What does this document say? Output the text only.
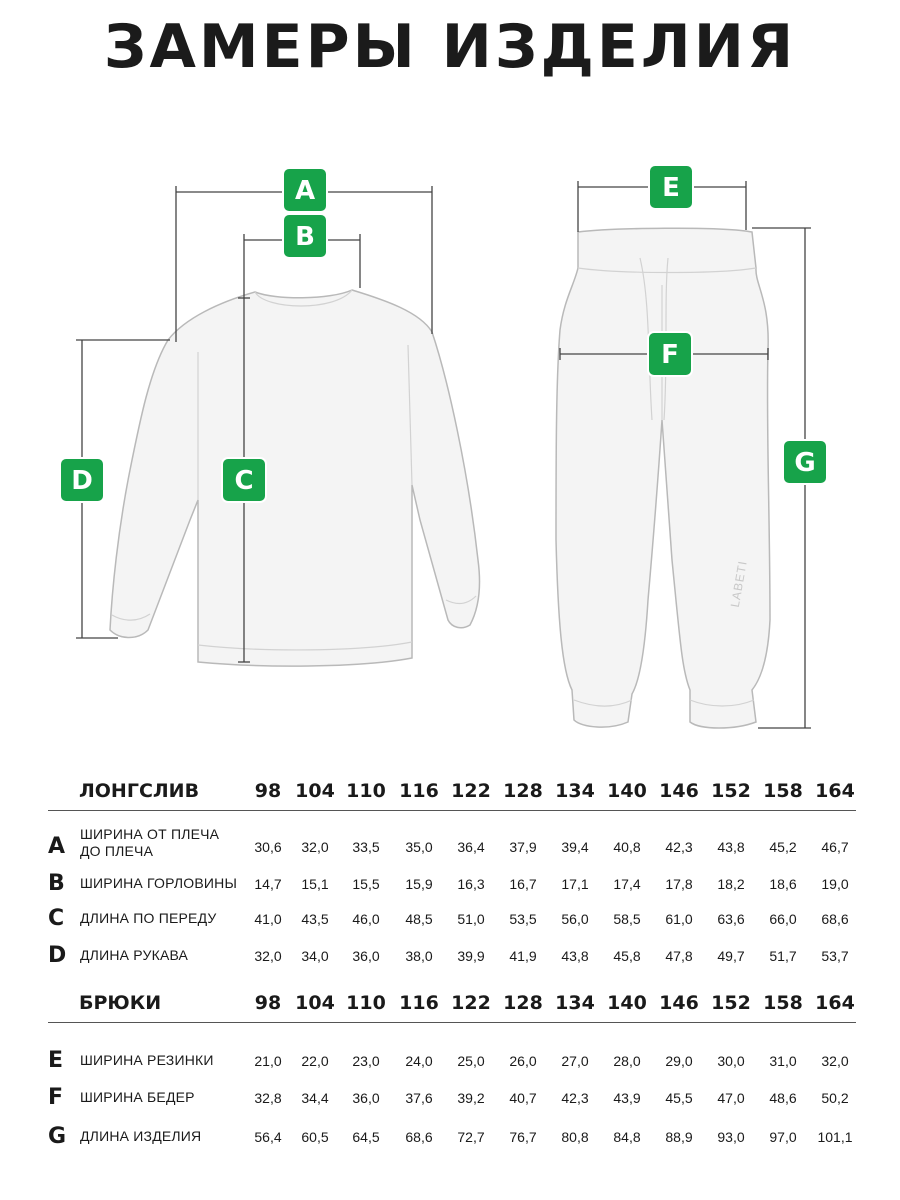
ЗАМЕРЫ ИЗДЕЛИЯ
LABETI
A
B
C
D
E
F
G
ЛОНГСЛИВ	98 104 110 116 122 128 134 140 146 152 158 164
A ШИРИНА ОТ ПЛЕЧА
ДО ПЛЕЧА	30,6	32,0	33,5	35,0	36,4	37,9	39,4	40,8	42,3	43,8	45,2	46,7
B ШИРИНА ГОРЛОВИНЫ	14,7	15,1	15,5	15,9	16,3	16,7	17,1	17,4	17,8	18,2	18,6	19,0
C ДЛИНА ПО ПЕРЕДУ	41,0	43,5	46,0	48,5	51,0	53,5	56,0	58,5	61,0	63,6	66,0	68,6
D ДЛИНА РУКАВА	32,0	34,0	36,0	38,0	39,9	41,9	43,8	45,8	47,8	49,7	51,7	53,7
БРЮКИ	98 104 110 116 122 128 134 140 146 152 158 164
E ШИРИНА РЕЗИНКИ	21,0	22,0	23,0	24,0	25,0	26,0	27,0	28,0	29,0	30,0	31,0	32,0
F ШИРИНА БЕДЕР	32,8	34,4	36,0	37,6	39,2	40,7	42,3	43,9	45,5	47,0	48,6	50,2
G ДЛИНА ИЗДЕЛИЯ	56,4	60,5	64,5	68,6	72,7	76,7	80,8	84,8	88,9	93,0	97,0	101,1
